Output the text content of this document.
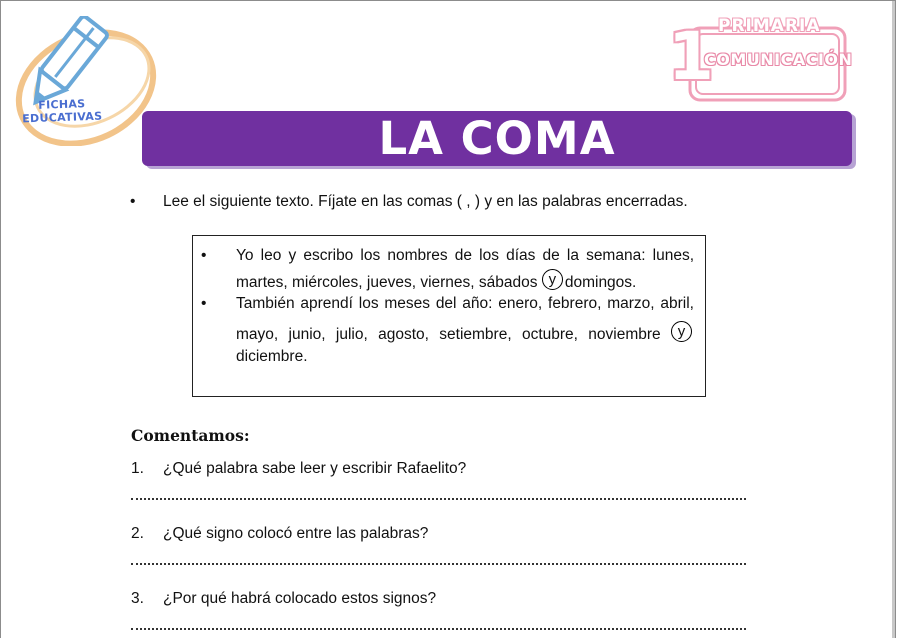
FICHAS
EDUCATIVAS
PRIMARIA
1
COMUNICACIÓN
LA COMA
• Lee el siguiente texto. Fíjate en las comas ( , ) y en las palabras encerradas.
•	Yo leo y escribo los nombres de los días de la semana: lunes, martes, miércoles, jueves, viernes, sábados y domingos.
•	También aprendí los meses del año: enero, febrero, marzo, abril, mayo, junio, julio, agosto, setiembre, octubre, noviembre y diciembre.
Comentamos:
1. ¿Qué palabra sabe leer y escribir Rafaelito?
2. ¿Qué signo colocó entre las palabras?
3. ¿Por qué habrá colocado estos signos?
